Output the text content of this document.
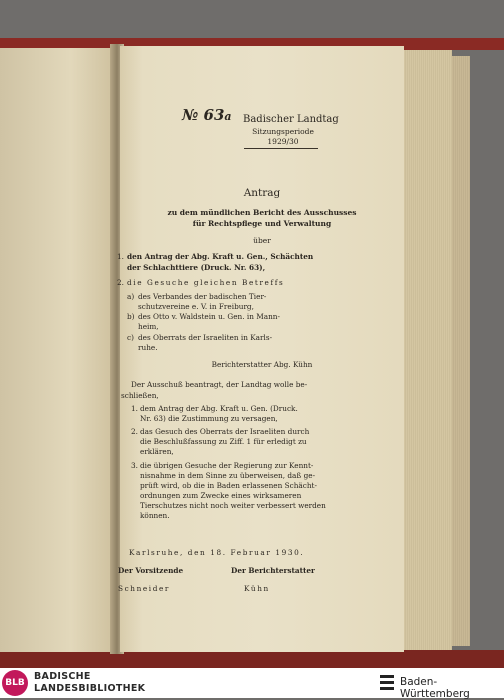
№ 63a Badischer Landtag
Sitzungsperiode
1929/30
Antrag
zu dem mündlichen Bericht des Ausschusses
für Rechtspflege und Verwaltung
über
1. den Antrag der Abg. Kraft u. Gen., Schächten
der Schlachttiere (Druck. Nr. 63),
2. die Gesuche gleichen Betreffs
a) des Verbandes der badischen Tier-
schutzvereine e. V. in Freiburg,
b) des Otto v. Waldstein u. Gen. in Mann-
heim,
c) des Oberrats der Israeliten in Karls-
ruhe.
Berichterstatter Abg. Kühn
Der Ausschuß beantragt, der Landtag wolle be-
schließen,
1. dem Antrag der Abg. Kraft u. Gen. (Druck.
Nr. 63) die Zustimmung zu versagen,
2. das Gesuch des Oberrats der Israeliten durch
die Beschlußfassung zu Ziff. 1 für erledigt zu
erklären,
3. die übrigen Gesuche der Regierung zur Kennt-
nisnahme in dem Sinne zu überweisen, daß ge-
prüft wird, ob die in Baden erlassenen Schächt-
ordnungen zum Zwecke eines wirksameren
Tierschutzes nicht noch weiter verbessert werden
können.
Karlsruhe, den 18. Februar 1930.
Der Vorsitzende
Schneider
Der Berichterstatter
Kühn
BLB
BADISCHE
LANDESBIBLIOTHEK
Baden-Württemberg
